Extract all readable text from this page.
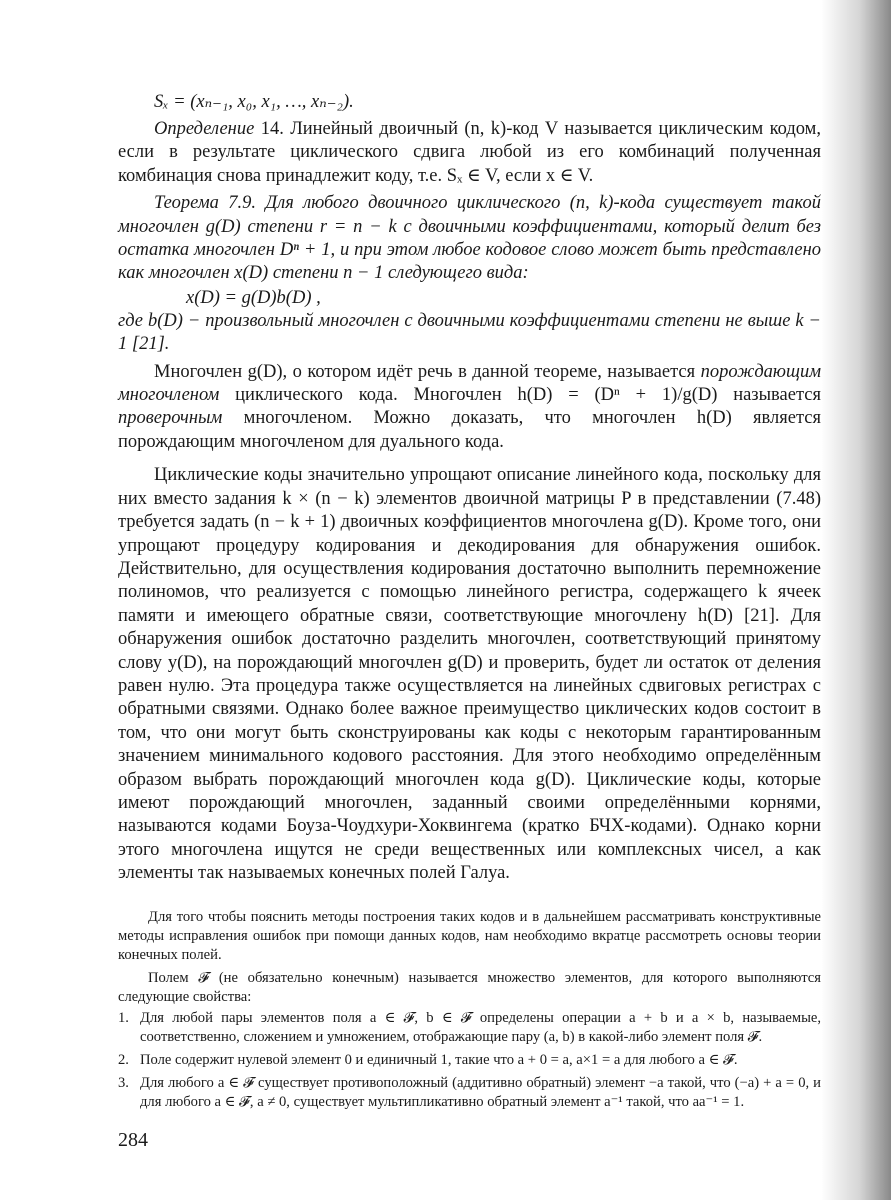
Sₓ = (xₙ₋₁, x₀, x₁, …, xₙ₋₂).

Определение 14. Линейный двоичный (n, k)-код V называется циклическим кодом, если в результате циклического сдвига любой из его комбинаций полученная комбинация снова принадлежит коду, т.е. Sₓ ∈ V, если x ∈ V.

Теорема 7.9. Для любого двоичного циклического (n, k)-кода существует такой многочлен g(D) степени r = n − k с двоичными коэффициентами, который делит без остатка многочлен Dⁿ + 1, и при этом любое кодовое слово может быть представлено как многочлен x(D) степени n − 1 следующего вида:

x(D) = g(D)b(D) ,

где b(D) − произвольный многочлен с двоичными коэффициентами степени не выше k − 1 [21].

Многочлен g(D), о котором идёт речь в данной теореме, называется порождающим многочленом циклического кода. Многочлен h(D) = (Dⁿ + 1)/g(D) называется проверочным многочленом. Можно доказать, что многочлен h(D) является порождающим многочленом для дуального кода.

Циклические коды значительно упрощают описание линейного кода, поскольку для них вместо задания k × (n − k) элементов двоичной матрицы P в представлении (7.48) требуется задать (n − k + 1) двоичных коэффициентов многочлена g(D). Кроме того, они упрощают процедуру кодирования и декодирования для обнаружения ошибок. Действительно, для осуществления кодирования достаточно выполнить перемножение полиномов, что реализуется с помощью линейного регистра, содержащего k ячеек памяти и имеющего обратные связи, соответствующие многочлену h(D) [21]. Для обнаружения ошибок достаточно разделить многочлен, соответствующий принятому слову y(D), на порождающий многочлен g(D) и проверить, будет ли остаток от деления равен нулю. Эта процедура также осуществляется на линейных сдвиговых регистрах с обратными связями. Однако более важное преимущество циклических кодов состоит в том, что они могут быть сконструированы как коды с некоторым гарантированным значением минимального кодового расстояния. Для этого необходимо определённым образом выбрать порождающий многочлен кода g(D). Циклические коды, которые имеют порождающий многочлен, заданный своими определёнными корнями, называются кодами Боуза-Чоудхури-Хоквингема (кратко БЧХ-кодами). Однако корни этого многочлена ищутся не среди вещественных или комплексных чисел, а как элементы так называемых конечных полей Галуа.

Для того чтобы пояснить методы построения таких кодов и в дальнейшем рассматривать конструктивные методы исправления ошибок при помощи данных кодов, нам необходимо вкратце рассмотреть основы теории конечных полей.

Полем 𝓕 (не обязательно конечным) называется множество элементов, для которого выполняются следующие свойства:

1. Для любой пары элементов поля a ∈ 𝓕, b ∈ 𝓕 определены операции a + b и a × b, называемые, соответственно, сложением и умножением, отображающие пару (a, b) в какой-либо элемент поля 𝓕.
2. Поле содержит нулевой элемент 0 и единичный 1, такие что a + 0 = a, a×1 = a для любого a ∈ 𝓕.
3. Для любого a ∈ 𝓕 существует противоположный (аддитивно обратный) элемент −a такой, что (−a) + a = 0, и для любого a ∈ 𝓕, a ≠ 0, существует мультипликативно обратный элемент a⁻¹ такой, что aa⁻¹ = 1.
284
